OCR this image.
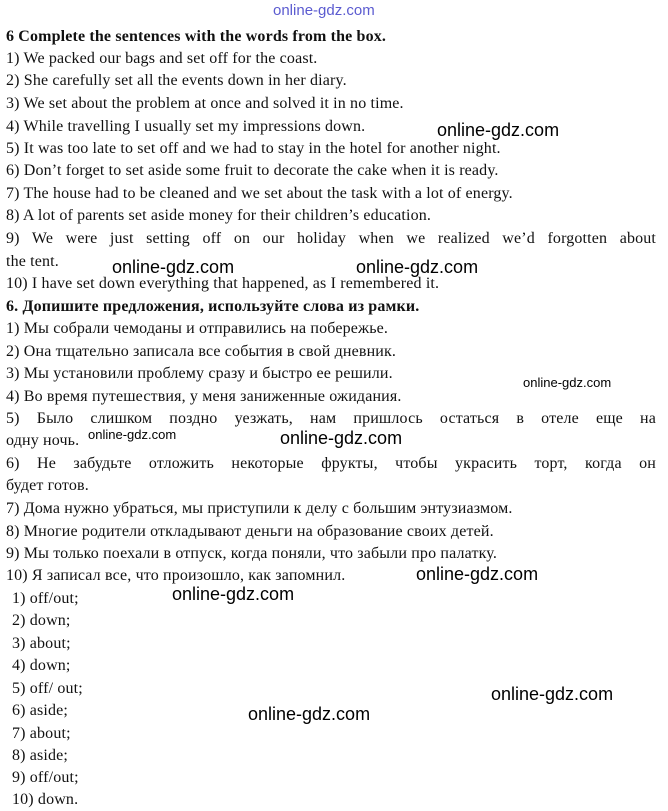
online-gdz.com
online-gdz.com
online-gdz.com	online-gdz.com
online-gdz.com
online-gdz.com	online-gdz.com
online-gdz.com
online-gdz.com
online-gdz.com
online-gdz.com
6 Complete the sentences with the words from the box.
1) We packed our bags and set off for the coast.
2) She carefully set all the events down in her diary.
3) We set about the problem at once and solved it in no time.
4) While travelling I usually set my impressions down.
5) It was too late to set off and we had to stay in the hotel for another night.
6) Don’t forget to set aside some fruit to decorate the cake when it is ready.
7) The house had to be cleaned and we set about the task with a lot of energy.
8) A lot of parents set aside money for their children’s education.
9) We were just setting off on our holiday when we realized we’d forgotten about
the tent.
10) I have set down everything that happened, as I remembered it.
6. Допишите предложения, используйте слова из рамки.
1) Мы собрали чемоданы и отправились на побережье.
2) Она тщательно записала все события в свой дневник.
3) Мы установили проблему сразу и быстро ее решили.
4) Во время путешествия, у меня заниженные ожидания.
5) Было слишком поздно уезжать, нам пришлось остаться в отеле еще на
одну ночь.
6) Не забудьте отложить некоторые фрукты, чтобы украсить торт, когда он
будет готов.
7) Дома нужно убраться, мы приступили к делу с большим энтузиазмом.
8) Многие родители откладывают деньги на образование своих детей.
9) Мы только поехали в отпуск, когда поняли, что забыли про палатку.
10) Я записал все, что произошло, как запомнил.
1) off/out;
2) down;
3) about;
4) down;
5) off/ out;
6) aside;
7) about;
8) aside;
9) off/out;
10) down.
